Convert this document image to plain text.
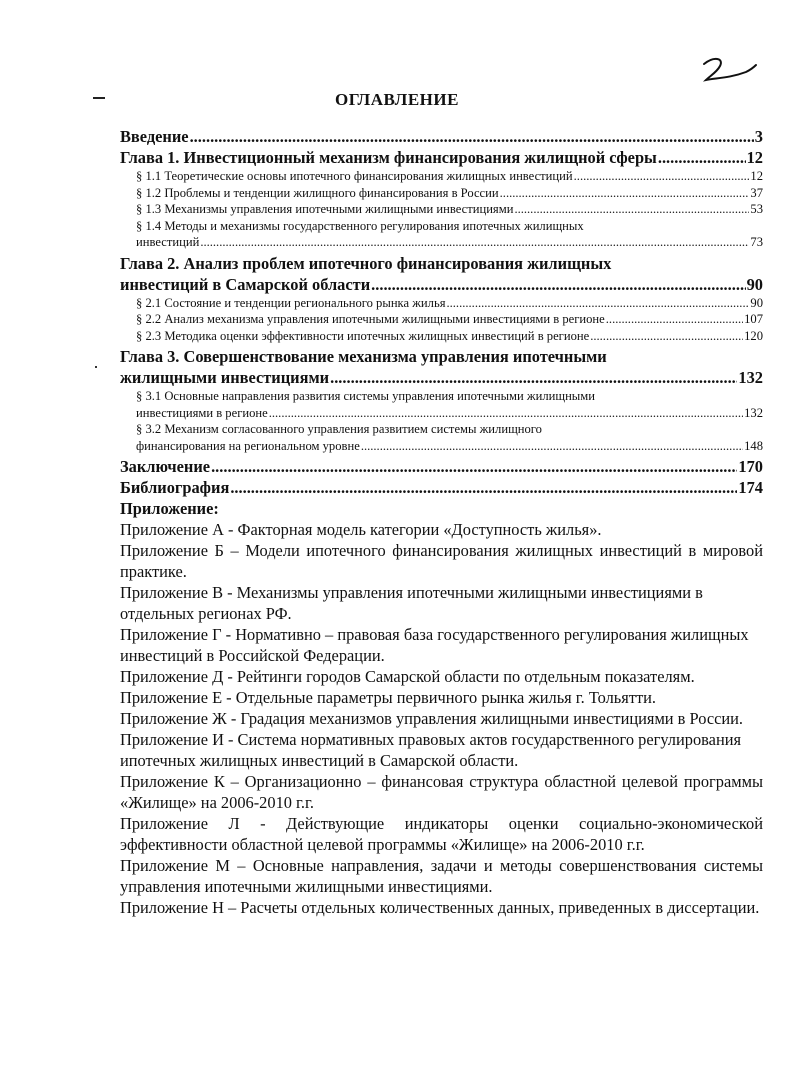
ОГЛАВЛЕНИЕ
Введение .....	3
Глава 1. Инвестиционный механизм финансирования жилищной сферы .....	12
§ 1.1 Теоретические основы ипотечного финансирования жилищных инвестиций .....	12
§ 1.2 Проблемы и тенденции жилищного финансирования в России .....	37
§ 1.3 Механизмы управления ипотечными жилищными инвестициями .....	53
§ 1.4 Методы и механизмы государственного регулирования ипотечных жилищных
инвестиций .....	73
Глава 2. Анализ проблем ипотечного финансирования жилищных
инвестиций в Самарской области .....	90
§ 2.1 Состояние и тенденции регионального рынка жилья .....	90
§ 2.2 Анализ механизма управления ипотечными жилищными инвестициями в регионе .....	107
§ 2.3 Методика оценки эффективности ипотечных жилищных инвестиций в регионе .....	120
Глава 3. Совершенствование механизма управления ипотечными
жилищными инвестициями .....	132
§ 3.1 Основные направления развития системы управления ипотечными жилищными
инвестициями в регионе .....	132
§ 3.2 Механизм согласованного управления развитием системы жилищного
финансирования на региональном уровне .....	148
Заключение .....	170
Библиография .....	174
Приложение:
Приложение А - Факторная модель категории «Доступность жилья».
Приложение Б – Модели ипотечного финансирования жилищных инвестиций в мировой практике.
Приложение В - Механизмы управления ипотечными жилищными инвестициями в отдельных регионах РФ.
Приложение Г - Нормативно – правовая база государственного регулирования жилищных инвестиций в Российской Федерации.
Приложение Д - Рейтинги городов Самарской области по отдельным показателям.
Приложение Е - Отдельные параметры первичного рынка жилья г. Тольятти.
Приложение Ж - Градация механизмов управления жилищными инвестициями в России.
Приложение И - Система нормативных правовых актов государственного регулирования ипотечных жилищных инвестиций в Самарской области.
Приложение К – Организационно – финансовая структура областной целевой программы «Жилище» на 2006-2010 г.г.
Приложение Л - Действующие индикаторы оценки социально-экономической эффективности областной целевой программы «Жилище» на 2006-2010 г.г.
Приложение М – Основные направления, задачи и методы совершенствования системы управления ипотечными жилищными инвестициями.
Приложение Н – Расчеты отдельных количественных данных, приведенных в диссертации.
